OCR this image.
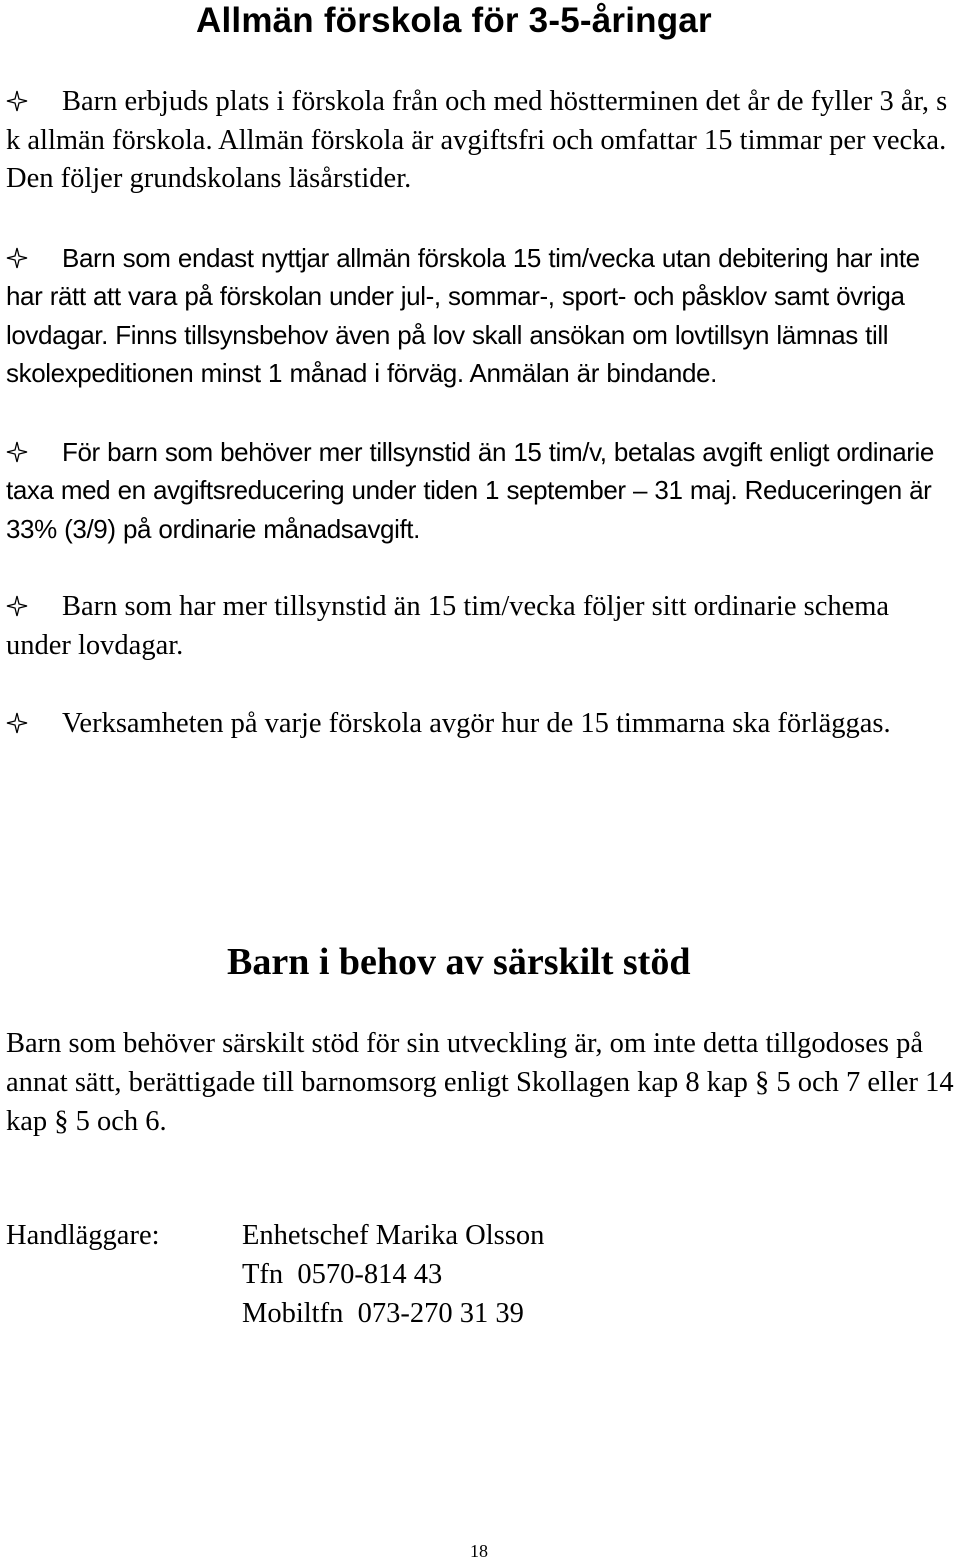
Allmän förskola för 3-5-åringar
Barn erbjuds plats i förskola från och med höstterminen det år de fyller 3 år, s k allmän förskola. Allmän förskola är avgiftsfri och omfattar 15 timmar per vecka. Den följer grundskolans läsårstider.
Barn som endast nyttjar allmän förskola 15 tim/vecka utan debitering har inte har rätt att vara på förskolan under jul-, sommar-, sport- och påsklov samt övriga lovdagar. Finns tillsynsbehov även på lov skall ansökan om lovtillsyn lämnas till skolexpeditionen minst 1 månad i förväg. Anmälan är bindande.
För barn som behöver mer tillsynstid än 15 tim/v, betalas avgift enligt ordinarie taxa med en avgiftsreducering under tiden 1 september – 31 maj. Reduceringen är 33% (3/9) på ordinarie månadsavgift.
Barn som har mer tillsynstid än 15 tim/vecka följer sitt ordinarie schema under lovdagar.
Verksamheten på varje förskola avgör hur de 15 timmarna ska förläggas.
Barn i behov av särskilt stöd

Barn som behöver särskilt stöd för sin utveckling är, om inte detta tillgodoses på annat sätt, berättigade till barnomsorg enligt Skollagen kap 8 kap § 5 och 7 eller 14 kap § 5 och 6.

Handläggare:	Enhetschef Marika Olsson
Tfn  0570-814 43
Mobiltfn  073-270 31 39
18
